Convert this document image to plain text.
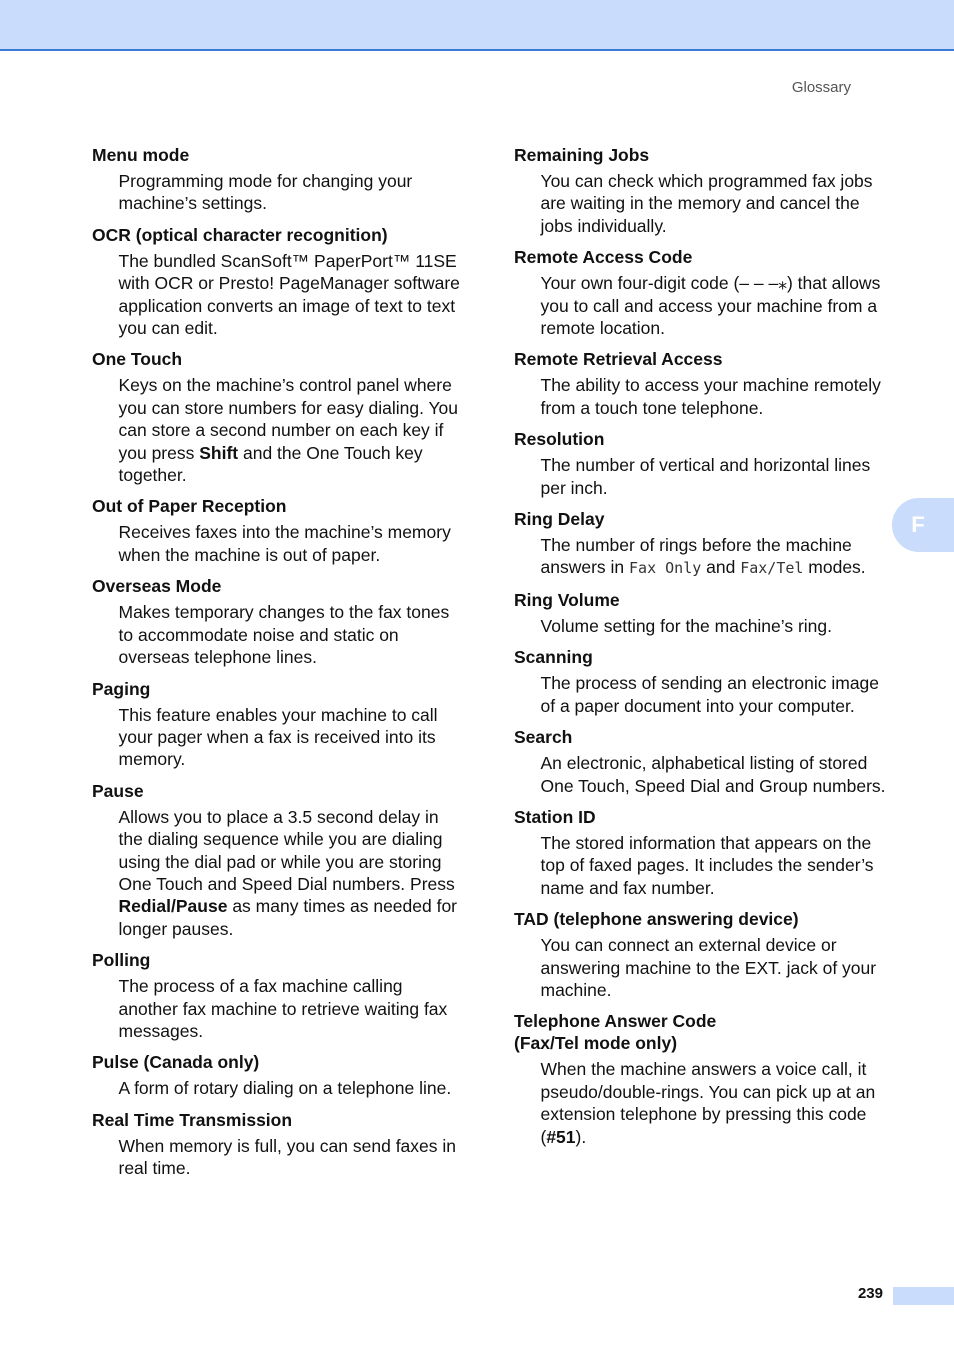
Glossary
F

Menu mode

Programming mode for changing your machine’s settings.

OCR (optical character recognition)

The bundled ScanSoft™ PaperPort™ 11SE with OCR or Presto! PageManager software application converts an image of text to text you can edit.

One Touch

Keys on the machine’s control panel where you can store numbers for easy dialing. You can store a second number on each key if you press Shift and the One Touch key together.

Out of Paper Reception

Receives faxes into the machine’s memory when the machine is out of paper.

Overseas Mode

Makes temporary changes to the fax tones to accommodate noise and static on overseas telephone lines.

Paging

This feature enables your machine to call your pager when a fax is received into its memory.

Pause

Allows you to place a 3.5 second delay in the dialing sequence while you are dialing using the dial pad or while you are storing One Touch and Speed Dial numbers. Press Redial/Pause as many times as needed for longer pauses.

Polling

The process of a fax machine calling another fax machine to retrieve waiting fax messages.

Pulse (Canada only)

A form of rotary dialing on a telephone line.

Real Time Transmission

When memory is full, you can send faxes in real time.

Remaining Jobs

You can check which programmed fax jobs are waiting in the memory and cancel the jobs individually.

Remote Access Code

Your own four-digit code (– – –⁎) that allows you to call and access your machine from a remote location.

Remote Retrieval Access

The ability to access your machine remotely from a touch tone telephone.

Resolution

The number of vertical and horizontal lines per inch.

Ring Delay

The number of rings before the machine answers in Fax Only and Fax/Tel modes.

Ring Volume

Volume setting for the machine’s ring.

Scanning

The process of sending an electronic image of a paper document into your computer.

Search

An electronic, alphabetical listing of stored One Touch, Speed Dial and Group numbers.

Station ID

The stored information that appears on the top of faxed pages. It includes the sender’s name and fax number.

TAD (telephone answering device)

You can connect an external device or answering machine to the EXT. jack of your machine.

Telephone Answer Code
(Fax/Tel mode only)

When the machine answers a voice call, it pseudo/double-rings. You can pick up at an extension telephone by pressing this code (#51).

239
